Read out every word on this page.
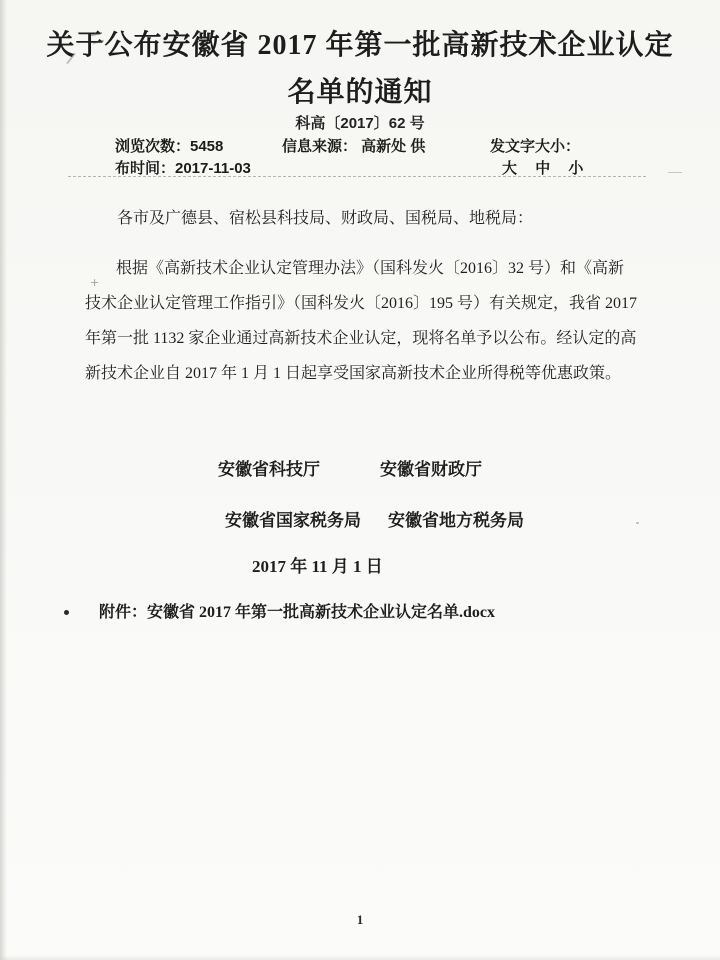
关于公布安徽省 2017 年第一批高新技术企业认定
名单的通知
科高〔2017〕62 号
浏览次数：5458
布时间：2017-11-03
信息来源： 高新处 供	发文字大小：
大 中 小
各市及广德县、宿松县科技局、财政局、国税局、地税局：
根据《高新技术企业认定管理办法》（国科发火〔2016〕32 号）和《高新
技术企业认定管理工作指引》（国科发火〔2016〕195 号）有关规定，我省 2017
年第一批 1132 家企业通过高新技术企业认定，现将名单予以公布。经认定的高
新技术企业自 2017 年 1 月 1 日起享受国家高新技术企业所得税等优惠政策。
安徽省科技厅	安徽省财政厅
安徽省国家税务局 安徽省地方税务局
2017 年 11 月 1 日
附件：安徽省 2017 年第一批高新技术企业认定名单.docx
1
+
